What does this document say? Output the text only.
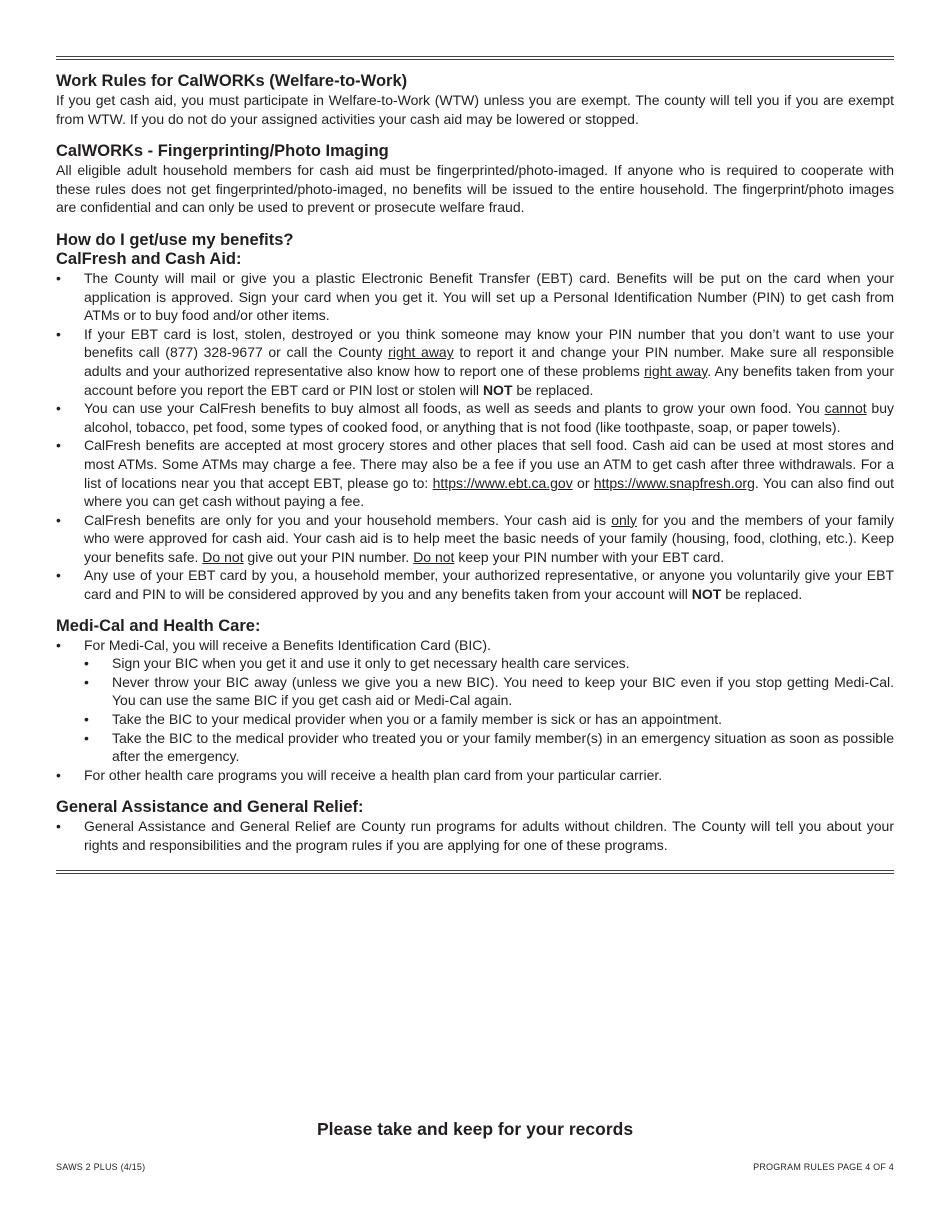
Work Rules for CalWORKs (Welfare-to-Work)

If you get cash aid, you must participate in Welfare-to-Work (WTW) unless you are exempt. The county will tell you if you are exempt from WTW. If you do not do your assigned activities your cash aid may be lowered or stopped.

CalWORKs - Fingerprinting/Photo Imaging

All eligible adult household members for cash aid must be fingerprinted/photo-imaged. If anyone who is required to cooperate with these rules does not get fingerprinted/photo-imaged, no benefits will be issued to the entire household. The fingerprint/photo images are confidential and can only be used to prevent or prosecute welfare fraud.

How do I get/use my benefits?
CalFresh and Cash Aid:
• The County will mail or give you a plastic Electronic Benefit Transfer (EBT) card. Benefits will be put on the card when your application is approved. Sign your card when you get it. You will set up a Personal Identification Number (PIN) to get cash from ATMs or to buy food and/or other items.
• If your EBT card is lost, stolen, destroyed or you think someone may know your PIN number that you don’t want to use your benefits call (877) 328-9677 or call the County right away to report it and change your PIN number. Make sure all responsible adults and your authorized representative also know how to report one of these problems right away. Any benefits taken from your account before you report the EBT card or PIN lost or stolen will NOT be replaced.
• You can use your CalFresh benefits to buy almost all foods, as well as seeds and plants to grow your own food. You cannot buy alcohol, tobacco, pet food, some types of cooked food, or anything that is not food (like toothpaste, soap, or paper towels).
• CalFresh benefits are accepted at most grocery stores and other places that sell food. Cash aid can be used at most stores and most ATMs. Some ATMs may charge a fee. There may also be a fee if you use an ATM to get cash after three withdrawals. For a list of locations near you that accept EBT, please go to: https://www.ebt.ca.gov or https://www.snapfresh.org. You can also find out where you can get cash without paying a fee.
• CalFresh benefits are only for you and your household members. Your cash aid is only for you and the members of your family who were approved for cash aid. Your cash aid is to help meet the basic needs of your family (housing, food, clothing, etc.). Keep your benefits safe. Do not give out your PIN number. Do not keep your PIN number with your EBT card.
• Any use of your EBT card by you, a household member, your authorized representative, or anyone you voluntarily give your EBT card and PIN to will be considered approved by you and any benefits taken from your account will NOT be replaced.
Medi-Cal and Health Care:
• For Medi-Cal, you will receive a Benefits Identification Card (BIC).
• Sign your BIC when you get it and use it only to get necessary health care services.
• Never throw your BIC away (unless we give you a new BIC). You need to keep your BIC even if you stop getting Medi-Cal. You can use the same BIC if you get cash aid or Medi-Cal again.
• Take the BIC to your medical provider when you or a family member is sick or has an appointment.
• Take the BIC to the medical provider who treated you or your family member(s) in an emergency situation as soon as possible after the emergency.
• For other health care programs you will receive a health plan card from your particular carrier.
General Assistance and General Relief:
• General Assistance and General Relief are County run programs for adults without children. The County will tell you about your rights and responsibilities and the program rules if you are applying for one of these programs.
Please take and keep for your records
SAWS 2 PLUS (4/15)	PROGRAM RULES PAGE 4 OF 4
